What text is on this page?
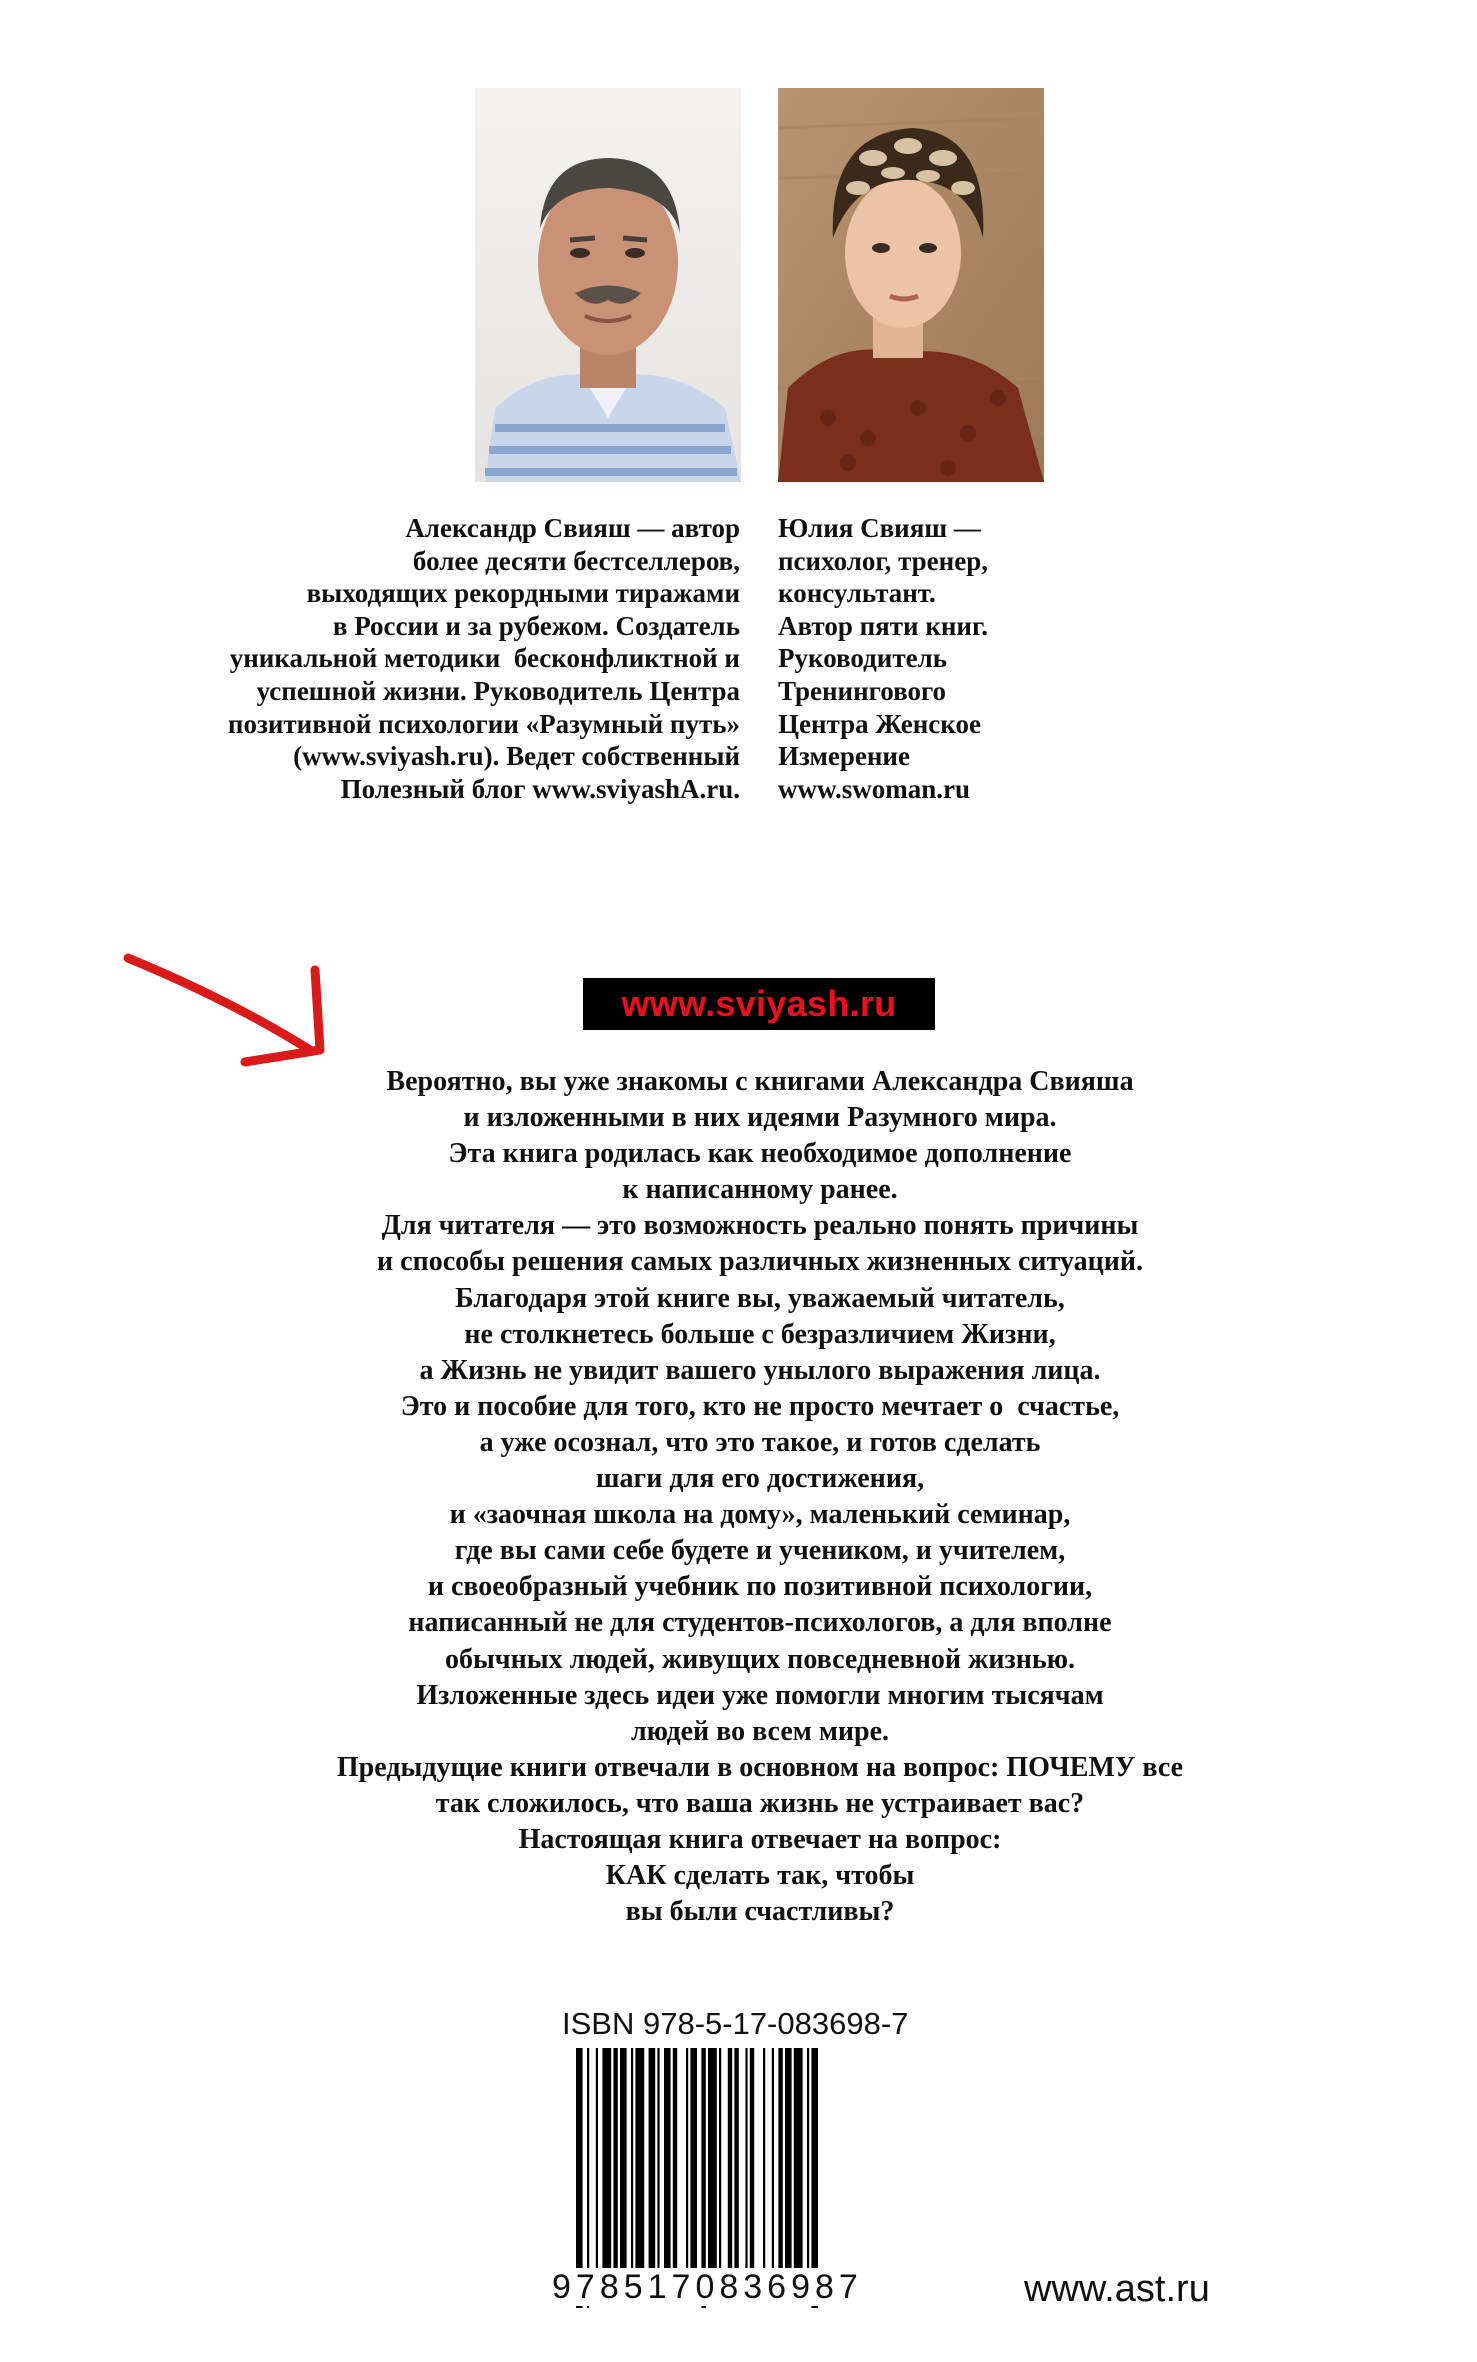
Александр Свияш — автор
более десяти бестселлеров,
выходящих рекордными тиражами
в России и за рубежом. Создатель
уникальной методики  бесконфликтной и
успешной жизни. Руководитель Центра
позитивной психологии «Разумный путь»
(www.sviyash.ru). Ведет собственный
Полезный блог www.sviyashA.ru.
Юлия Свияш —
психолог, тренер,
консультант.
Автор пяти книг.
Руководитель
Тренингового
Центра Женское
Измерение
www.swoman.ru
www.sviyash.ru
Вероятно, вы уже знакомы с книгами Александра Свияша
и изложенными в них идеями Разумного мира.
Эта книга родилась как необходимое дополнение
к написанному ранее.
Для читателя — это возможность реально понять причины
и способы решения самых различных жизненных ситуаций.
Благодаря этой книге вы, уважаемый читатель,
не столкнетесь больше с безразличием Жизни,
а Жизнь не увидит вашего унылого выражения лица.
Это и пособие для того, кто не просто мечтает о  счастье,
а уже осознал, что это такое, и готов сделать
шаги для его достижения,
и «заочная школа на дому», маленький семинар,
где вы сами себе будете и учеником, и учителем,
и своеобразный учебник по позитивной психологии,
написанный не для студентов-психологов, а для вполне
обычных людей, живущих повседневной жизнью.
Изложенные здесь идеи уже помогли многим тысячам
людей во всем мире.
Предыдущие книги отвечали в основном на вопрос: ПОЧЕМУ все
так сложилось, что ваша жизнь не устраивает вас?
Настоящая книга отвечает на вопрос:
КАК сделать так, чтобы
вы были счастливы?
ISBN 978-5-17-083698-7
9785170836987	www.ast.ru
